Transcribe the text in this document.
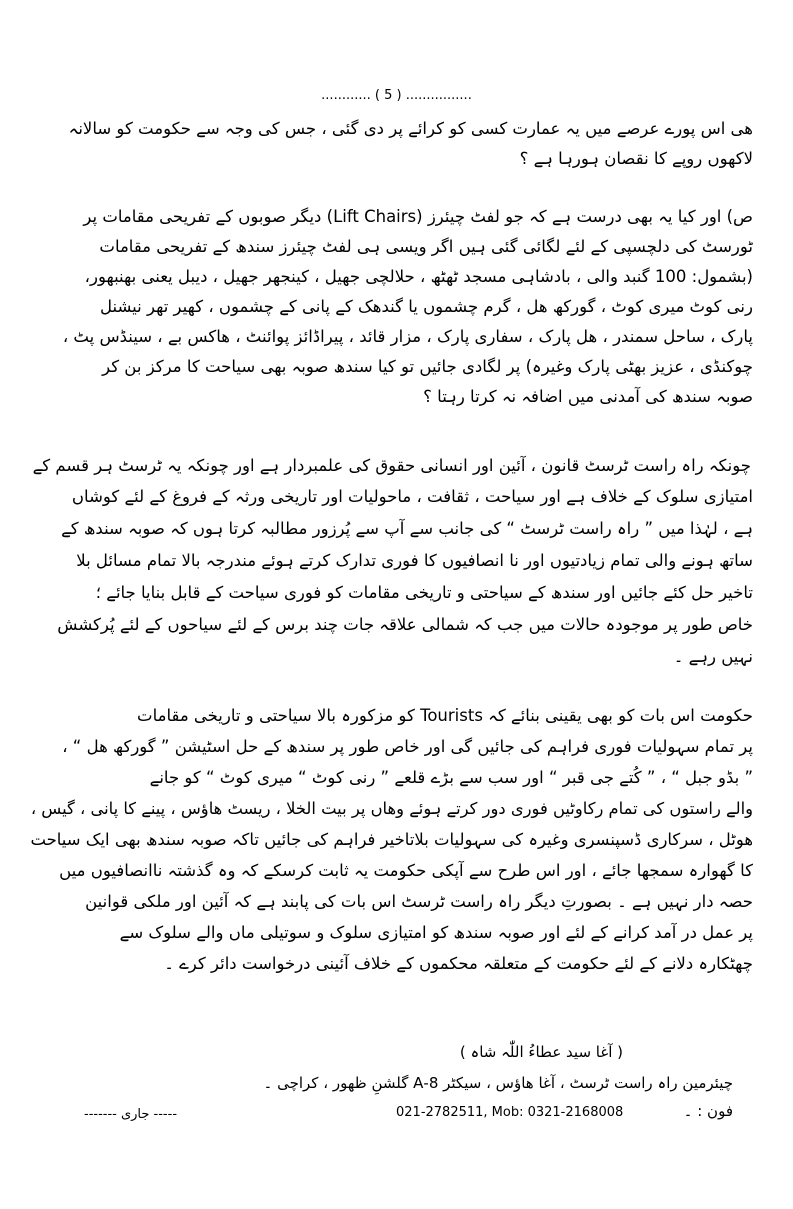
............ ( 5 ) ................
ھی اس پورے عرصے میں یہ عمارت کسی کو کرائے پر دی گئی ، جس کی وجہ سے حکومت کو سالانہ
لاکھوں روپے کا نقصان ہورہا ہے ؟
ص) اور کیا یہ بھی درست ہے کہ جو لفٹ چیئرز (Lift Chairs) دیگر صوبوں کے تفریحی مقامات پر
ٹورسٹ کی دلچسپی کے لئے لگائی گئی ہیں اگر ویسی ہی لفٹ چیئرز سندھ کے تفریحی مقامات
(بشمول: 100 گنبد والی ، بادشاہی مسجد ٹھٹھ ، حلالچی جھیل ، کینجھر جھیل ، دیبل یعنی بھنبھور،
رنی کوٹ میری کوٹ ، گورکھ ھل ، گرم چشموں یا گندھک کے پانی کے چشموں ، کھیر تھر نیشنل
پارک ، ساحل سمندر ، ھل پارک ، سفاری پارک ، مزار قائد ، پیراڈائز پوائنٹ ، ھاکس بے ، سینڈس پٹ ،
چوکنڈی ، عزیز بھٹی پارک وغیرہ) پر لگادی جائیں تو کیا سندھ صوبہ بھی سیاحت کا مرکز بن کر
صوبہ سندھ کی آمدنی میں اضافہ نہ کرتا رہتا ؟
چونکہ راہ راست ٹرسٹ قانون ، آئین اور انسانی حقوق کی علمبردار ہے اور چونکہ یہ ٹرسٹ ہر قسم کے
امتیازی سلوک کے خلاف ہے اور سیاحت ، ثقافت ، ماحولیات اور تاریخی ورثہ کے فروغ کے لئے کوشاں
ہے ، لہٰذا میں ” راہ راست ٹرسٹ “ کی جانب سے آپ سے پُرزور مطالبہ کرتا ہوں کہ صوبہ سندھ کے
ساتھ ہونے والی تمام زیادتیوں اور نا انصافیوں کا فوری تدارک کرتے ہوئے مندرجہ بالا تمام مسائل بلا
تاخیر حل کئے جائیں اور سندھ کے سیاحتی و تاریخی مقامات کو فوری سیاحت کے قابل بنایا جائے ؛
خاص طور پر موجودہ حالات میں جب کہ شمالی علاقہ جات چند برس کے لئے سیاحوں کے لئے پُرکشش
نہیں رہے ۔
حکومت اس بات کو بھی یقینی بنائے کہ Tourists کو مزکورہ بالا سیاحتی و تاریخی مقامات
پر تمام سہولیات فوری فراہم کی جائیں گی اور خاص طور پر سندھ کے حل اسٹیشن ” گورکھ ھل “ ،
” بڈو جبل “ ، ” کُتے جی قبر “ اور سب سے بڑے قلعے ” رنی کوٹ “ میری کوٹ “ کو جانے
والے راستوں کی تمام رکاوٹیں فوری دور کرتے ہوئے وھاں پر بیت الخلا ، ریسٹ ھاؤس ، پینے کا پانی ، گیس ،
ھوٹل ، سرکاری ڈسپنسری وغیرہ کی سہولیات بلاتاخیر فراہم کی جائیں تاکہ صوبہ سندھ بھی ایک سیاحت
کا گھوارہ سمجھا جائے ، اور اس طرح سے آپکی حکومت یہ ثابت کرسکے کہ وہ گذشتہ ناانصافیوں میں
حصہ دار نہیں ہے ۔ بصورتِ دیگر راہ راست ٹرسٹ اس بات کی پابند ہے کہ آئین اور ملکی قوانین
پر عمل در آمد کرانے کے لئے اور صوبہ سندھ کو امتیازی سلوک و سوتیلی ماں والے سلوک سے
چھٹکارہ دلانے کے لئے حکومت کے متعلقہ محکموں کے خلاف آئینی درخواست دائر کرے ۔
( آغا سید عطاءُ اللّٰہ شاہ )
چیئرمین راہ راست ٹرسٹ ، آغا ھاؤس ، سیکٹر 8-A گلشنِ ظھور ، کراچی ۔
فون : ۔
021-2782511, Mob: 0321-2168008
----- جاری -------
